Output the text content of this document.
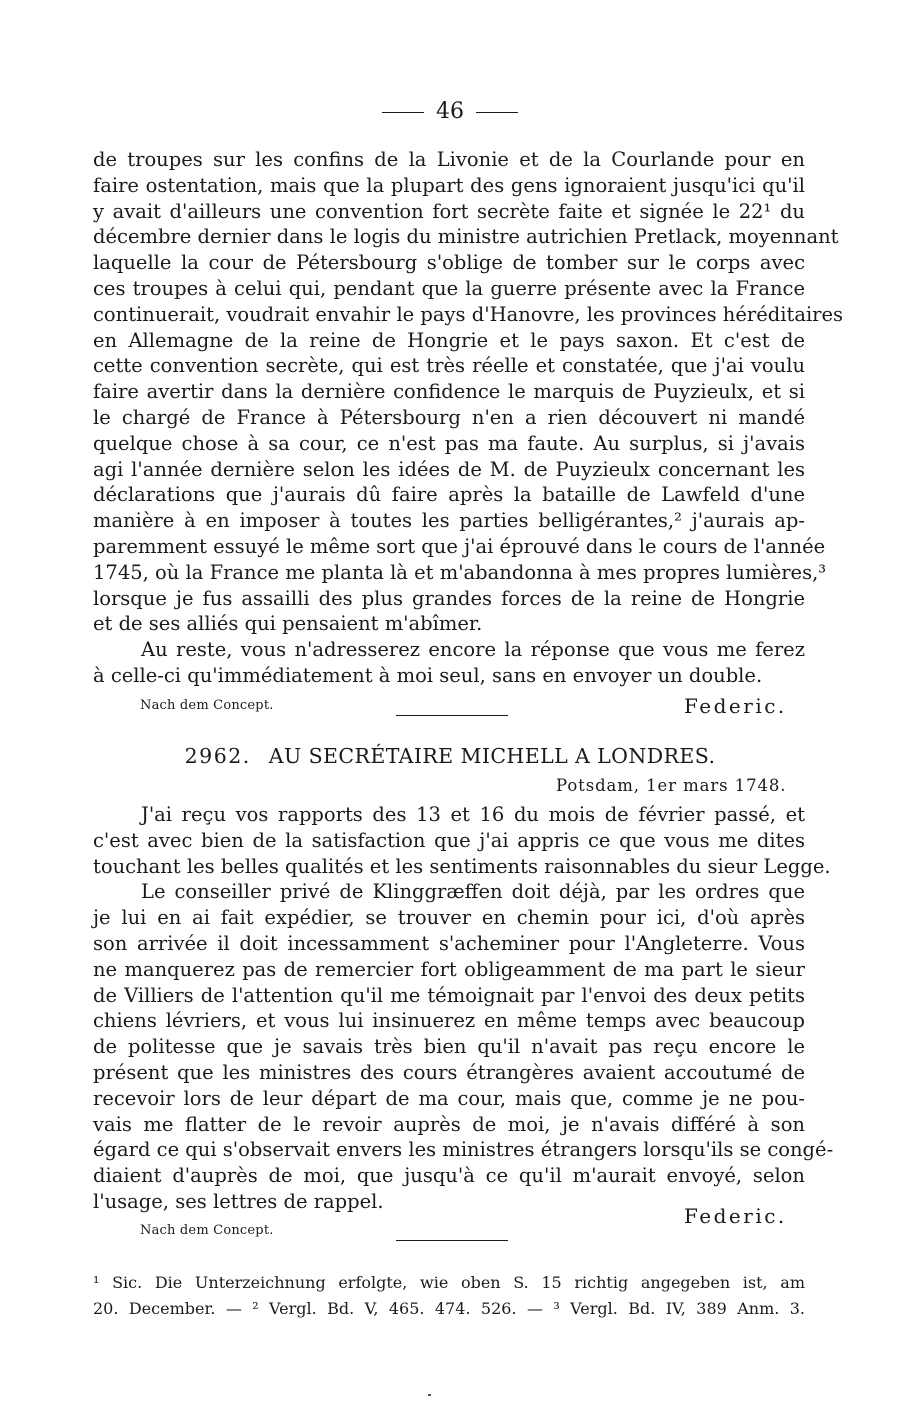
46
de troupes sur les confins de la Livonie et de la Courlande pour en
faire ostentation, mais que la plupart des gens ignoraient jusqu'ici qu'il
y avait d'ailleurs une convention fort secrète faite et signée le 22¹ du
décembre dernier dans le logis du ministre autrichien Pretlack, moyennant
laquelle la cour de Pétersbourg s'oblige de tomber sur le corps avec
ces troupes à celui qui, pendant que la guerre présente avec la France
continuerait, voudrait envahir le pays d'Hanovre, les provinces héréditaires
en Allemagne de la reine de Hongrie et le pays saxon. Et c'est de
cette convention secrète, qui est très réelle et constatée, que j'ai voulu
faire avertir dans la dernière confidence le marquis de Puyzieulx, et si
le chargé de France à Pétersbourg n'en a rien découvert ni mandé
quelque chose à sa cour, ce n'est pas ma faute. Au surplus, si j'avais
agi l'année dernière selon les idées de M. de Puyzieulx concernant les
déclarations que j'aurais dû faire après la bataille de Lawfeld d'une
manière à en imposer à toutes les parties belligérantes,² j'aurais ap-
paremment essuyé le même sort que j'ai éprouvé dans le cours de l'année
1745, où la France me planta là et m'abandonna à mes propres lumières,³
lorsque je fus assailli des plus grandes forces de la reine de Hongrie
et de ses alliés qui pensaient m'abîmer.
Au reste, vous n'adresserez encore la réponse que vous me ferez
à celle-ci qu'immédiatement à moi seul, sans en envoyer un double.
Nach dem Concept.	Federic.
2962. AU SECRÉTAIRE MICHELL A LONDRES.
Potsdam, 1er mars 1748.
J'ai reçu vos rapports des 13 et 16 du mois de février passé, et
c'est avec bien de la satisfaction que j'ai appris ce que vous me dites
touchant les belles qualités et les sentiments raisonnables du sieur Legge.
Le conseiller privé de Klinggræffen doit déjà, par les ordres que
je lui en ai fait expédier, se trouver en chemin pour ici, d'où après
son arrivée il doit incessamment s'acheminer pour l'Angleterre. Vous
ne manquerez pas de remercier fort obligeamment de ma part le sieur
de Villiers de l'attention qu'il me témoignait par l'envoi des deux petits
chiens lévriers, et vous lui insinuerez en même temps avec beaucoup
de politesse que je savais très bien qu'il n'avait pas reçu encore le
présent que les ministres des cours étrangères avaient accoutumé de
recevoir lors de leur départ de ma cour, mais que, comme je ne pou-
vais me flatter de le revoir auprès de moi, je n'avais différé à son
égard ce qui s'observait envers les ministres étrangers lorsqu'ils se congé-
diaient d'auprès de moi, que jusqu'à ce qu'il m'aurait envoyé, selon
l'usage, ses lettres de rappel.
Nach dem Concept.
Federic.
¹ Sic. Die Unterzeichnung erfolgte, wie oben S. 15 richtig angegeben ist, am
20. December. — ² Vergl. Bd. V, 465. 474. 526. — ³ Vergl. Bd. IV, 389 Anm. 3.
